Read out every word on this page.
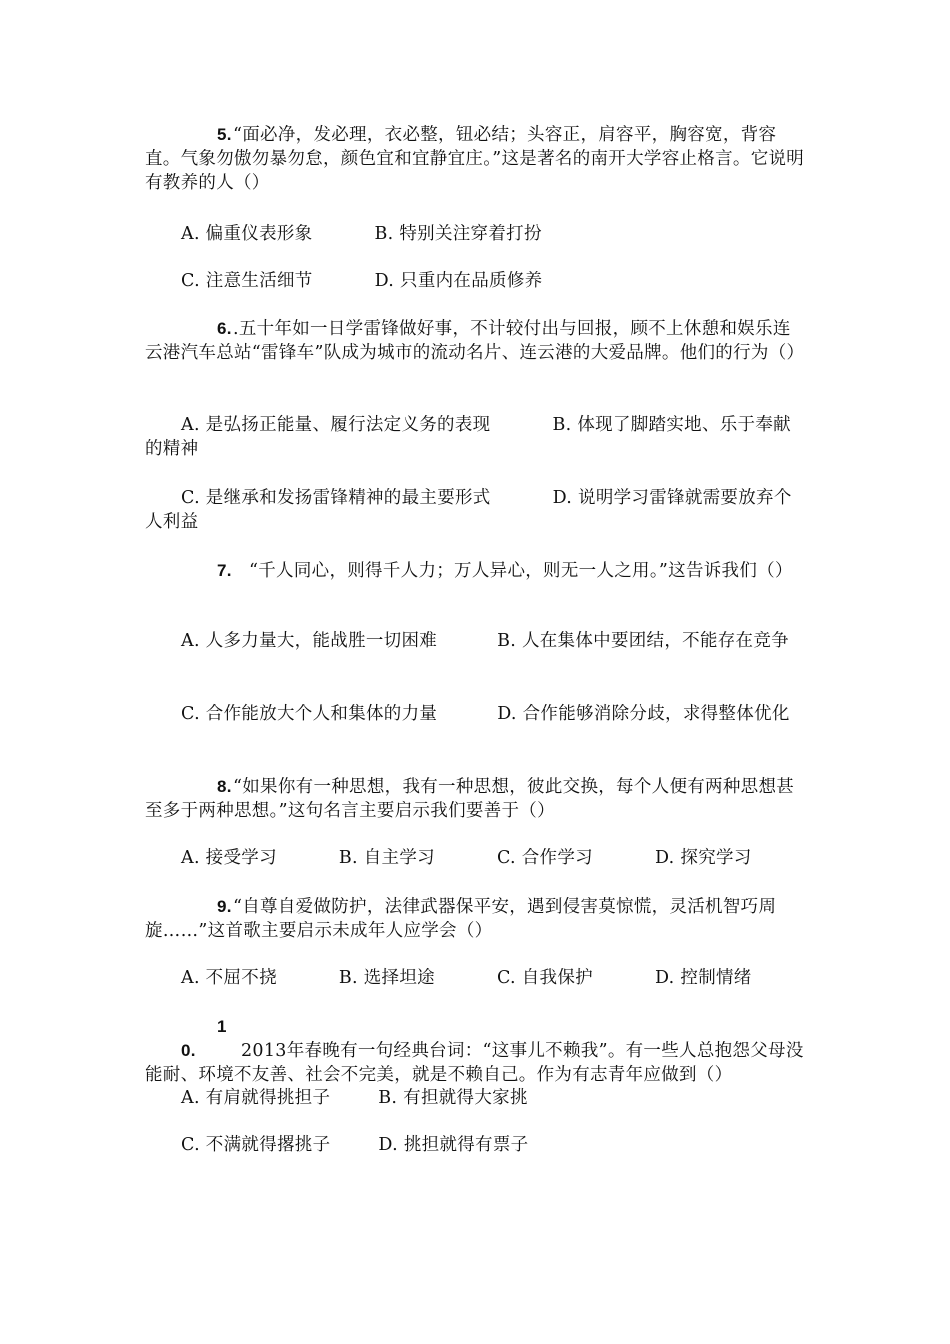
5.“面必净，发必理，衣必整，钮必结；头容正，肩容平，胸容宽，背容直。气象勿傲勿暴勿怠，颜色宜和宜静宜庄。”这是著名的南开大学容止格言。它说明有教养的人（）

A. 偏重仪表形象	B. 特别关注穿着打扮

C. 注意生活细节	D. 只重内在品质修养

6..五十年如一日学雷锋做好事，不计较付出与回报，顾不上休憩和娱乐连云港汽车总站“雷锋车”队成为城市的流动名片、连云港的大爱品牌。他们的行为（）

A. 是弘扬正能量、履行法定义务的表现	B. 体现了脚踏实地、乐于奉献的精神

C. 是继承和发扬雷锋精神的最主要形式	D. 说明学习雷锋就需要放弃个人利益

7. “千人同心，则得千人力；万人异心，则无一人之用。”这告诉我们（）

A. 人多力量大，能战胜一切困难	B. 人在集体中要团结，不能存在竞争

C. 合作能放大个人和集体的力量	D. 合作能够消除分歧，求得整体优化

8.“如果你有一种思想，我有一种思想，彼此交换，每个人便有两种思想甚至多于两种思想。”这句名言主要启示我们要善于（）

A. 接受学习	B. 自主学习	C. 合作学习	D. 探究学习

9.“自尊自爱做防护，法律武器保平安，遇到侵害莫惊慌，灵活机智巧周旋……”这首歌主要启示未成年人应学会（）

A. 不屈不挠	B. 选择坦途	C. 自我保护	D. 控制情绪

10.	2013年春晚有一句经典台词：“这事儿不赖我”。有一些人总抱怨父母没能耐、环境不友善、社会不完美，就是不赖自己。作为有志青年应做到（）

A. 有肩就得挑担子	B. 有担就得大家挑

C. 不满就得撂挑子	D. 挑担就得有票子
